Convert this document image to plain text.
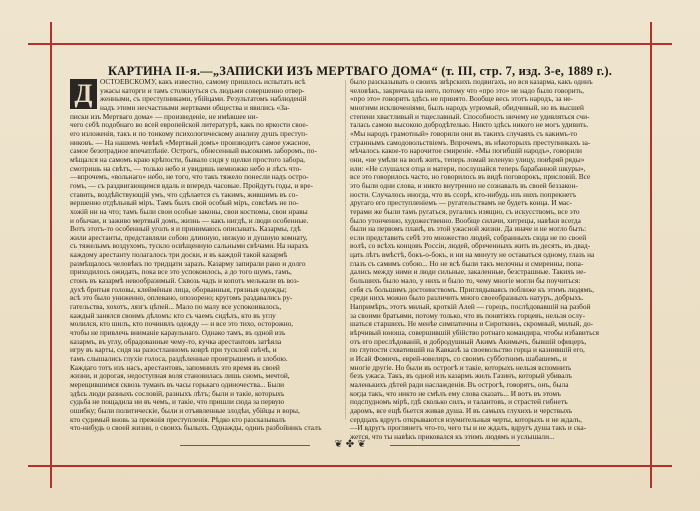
КАРТИНА II-я.—„ЗАПИСКИ ИЗЪ МЕРТВАГО ДОМА“ (т. III, стр. 7, изд. 3-е, 1889 г.).
Д	ОСТОЕВСКОМУ, какъ известно, самому пришлось испытать всѣ
ужасы каторги и тамъ столкнуться съ людьми совершенно отвер-
женными, съ преступниками, убійцами. Результатомъ наблюденій
надъ этими несчастными жертвами общества и явились «За-
писки изъ Мертваго дома» — произведеніе, не имѣвшее ни-
чего себѣ подобнаго во всей европейской литературѣ, какъ по яркости свое-
его изложенія, такъ и по тонкому психологическому анализу душъ преступ-
никовъ. — На нашемъ чевѣкѣ «Мертвый домъ» производитъ самое ужасное,
самое безотрадное впечатлѣніе. Острогъ, обнесенный высокимъ заборомъ, по-
мѣщался на самомъ краю крѣпости, бывало сидя у щелки простого забора,
смотришь на свѣтъ, — только небо и увидишь немножко небо и лѣсъ что-
—впрочемъ, «вольнаго» небо, не того, что такъ тяжело понесли надъ остро-
гомъ, — съ раздвигающимся вдаль и впередъ часовые. Пройдутъ годы, и вре-
ставить, воздѣйствующій умъ, что сдѣлается съ такимъ, жившимъ въ со-
вершенно отдѣльный міръ. Тамъ былъ свой особый міръ, совсѣмъ не по-
хожій ни на что; тамъ были свои особые законы, свои костюмы, свои нравы
и обычаи, и заживо мертвый домъ, жизнь — какъ нигдѣ, и люди особенные.
Вотъ этотъ-то особенный уголъ я и принимаюсь описывать. Казармы, гдѣ
жили арестанты, представляли собою длинную, низкую и душную комнату,
съ тяжелымъ воздухомъ, тускло освѣщенную сальными свѣчами. На нарахъ
каждому арестанту полагалось три доски, и въ каждой такой казармѣ
размѣщалось человѣкъ по тридцати заразъ. Казарму запирали рано и долго
приходилось ожидать, пока все это успокоилось, а до того шумъ, гамъ,
стонъ въ казармѣ невообразимый. Сквозь чадъ и копоть мелькали въ воз-
духѣ бритыя головы, клеймёныя лица, оборванныя, грязныя одежды;
всѣ это было униженно, оплевано, опозорено; кругомъ раздавались ру-
гательства, хохотъ, лязгъ цѣпей... Мало по малу все успокоивалось,
каждый занялся своимъ дѣломъ: кто съ чаемъ сидѣлъ, кто въ углу
молился, кто шилъ, кто починялъ одежду — и все это тихо, осторожно,
чтобы не привлечь вниманіе караульнаго. Однако тамъ, въ одной изъ
казармъ, въ углу, обрадованные чему-то, кучка арестантовъ затѣяла
игру въ карты, сидя на разостланномъ коврѣ при тусклой свѣчѣ, и
тамъ слышались глухіе голоса, раздѣленные проигрышемъ и злобою.
Каждаго тотъ изъ насъ, арестантовъ, запомнилъ это время въ своей
жизни, и дорогая, недоступная воля становилась лишь сномъ, мечтой,
мерещившимся сквозь туманъ въ часы горькаго одиночества... Были
здѣсь люди разныхъ сословій, разныхъ лѣтъ; были и такіе, которыхъ
судьба не пощадила ни въ чемъ, и такіе, что пришли сюда за первую
ошибку; были политическіе, были и отъявленные злодѣи, убійцы и воры,
кто судимый вновь за прежнія преступленія. Рѣдко кто разсказывалъ
что-нибудь о своей жизни, о своихъ былыхъ. Однажды, одинъ разбойникъ сталъ
было разсказывать о своихъ звѣрскихъ подвигахъ, но вся казарма, какъ одинъ
человѣкъ, закричала на него, потому что «про это» не надо было говорить,
«про это» говорить здѣсь не принято. Вообще весь этотъ народъ, за не-
многими исключеніями, былъ народъ угрюмый, обидчивый, но въ высшей
степени хвастливый и тщеславный. Способность ничему не удивляться счи-
талась самою высокою добродѣтелью. Никто здѣсь никого не могъ удивить.
«Мы народъ грамотный» говорили они въ такихъ случаяхъ съ какимъ-то
страннымъ самодовольствіемъ. Впрочемъ, въ нѣкоторыхъ преступникахъ за-
мѣчалось какое-то нарочитое смиреніе. «Мы погибшій народъ», говорили
они, «не умѣли на волѣ жить, теперь ломай зеленую улицу, повѣряй ряды»
или: «Не слушался отца и матери, послушайся теперь барабанной шкуры»,
все это говорилось часто, но говорилось въ видѣ поговорокъ, присловій. Все
это были одни слова, и никто внутренно не сознавалъ въ своей беззакон-
ности. Случалось иногда, что въ ссорѣ, кто-нибудь изъ нихъ попрекнетъ
другаго его преступленіемъ — ругательствамъ не будетъ конца. И мас-
терами же были тамъ ругаться, ругались изящно, съ искусствомъ, все это
было утонченно, художественно. Вообще силачи, хитрецы, навѣки всегда
были на первомъ планѣ, въ этой ужасной жизни. Да иначе и не могло быть:
если представить себѣ это множество людей, собранныхъ сюда не по своей
волѣ, со всѣхъ концовъ Россіи, людей, обреченныхъ жить въ десять, въ двад-
цать лѣтъ вмѣстѣ, бокъ-о-бокъ, и ни на минуту не оставаться одному, глазъ на
глазъ съ самимъ собою... Но не всѣ были такъ мелочны и смиренны, попа-
дались между ними и люди сильные, закаленные, безстрашные. Такихъ не-
большихъ было мало, у нихъ и было то, чему многіе могли бы поучиться:
себя съ большимъ достоинствомъ. Приглядываясь поближе къ этимъ людямъ,
среди нихъ можно было различить много своеобразныхъ натуръ, добрыхъ.
Напримѣръ, этотъ милый, кроткій Алей — горецъ, послѣдовавшій на разбой
за своими братьями, потому только, что въ понятіяхъ горцевъ, нельзя ослу-
шаться старшихъ. Не менѣе симпатичны и Сироткинъ, скромный, милый, до-
вѣрчивый юноша, совершившій убійство ротнаго командира, чтобы избавиться
отъ его преслѣдованій, и добродушный Акимъ Акимычъ, бывшій офицеръ,
по глупости схватившій на Кавказѣ за своевольство горца и казнившій его,
и Исай Фомичъ, еврей-ювелиръ, со своимъ субботнимъ шабашемъ, и
многіе другіе. Но были въ острогѣ и такіе, которыхъ нельзя вспомнить
безъ ужаса. Такъ, въ одной изъ казармъ жилъ Газинъ, который убивалъ
маленькихъ дѣтей ради наслажденія. Въ острогѣ, говорятъ, онъ, была
когда такъ, что никто не смѣлъ ему слова сказать... И вотъ въ этомъ
подспудномъ мірѣ, гдѣ сколько силъ, и талантовъ, и страстей гибнетъ
даромъ, все ещѣ бьется живая душа. И въ самыхъ глухихъ и черствыхъ
сердцахъ вдругъ открываются изумительныя черты, которыхъ и не ждалъ,
—И вдругъ проглянетъ что-то, чего ты и не ждалъ, вдругъ душа такъ и ска-
жется, что ты навѣкъ приковался къ этимъ людямъ и услышали...
❦ ✤ ❦
